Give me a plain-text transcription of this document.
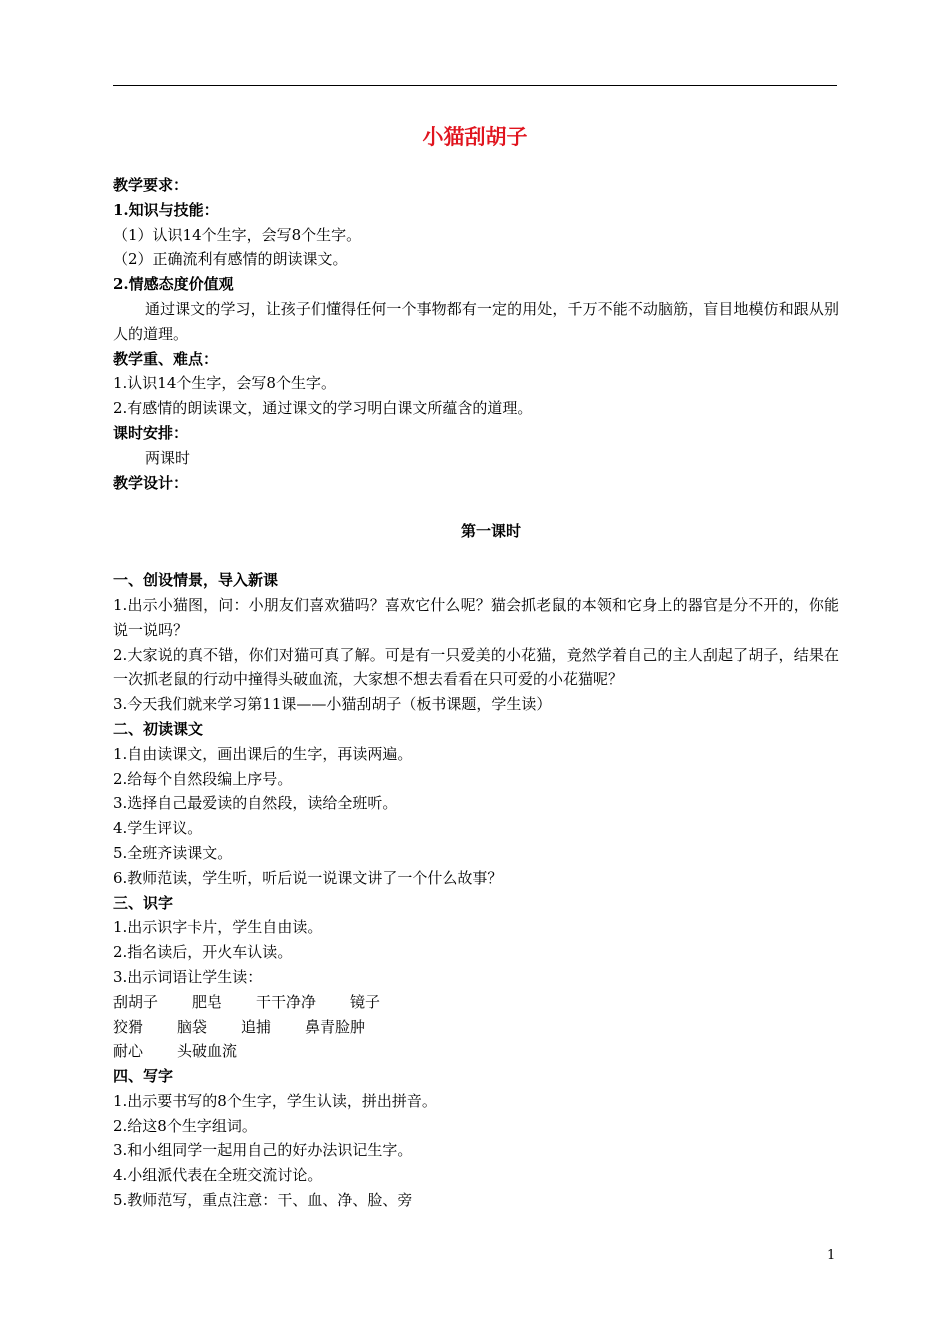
小猫刮胡子
教学要求：
1.知识与技能：
（1）认识14个生字，会写8个生字。
（2）正确流利有感情的朗读课文。
2.情感态度价值观
通过课文的学习，让孩子们懂得任何一个事物都有一定的用处，千万不能不动脑筋，盲目地模仿和跟从别人的道理。
教学重、难点：
1.认识14个生字，会写8个生字。
2.有感情的朗读课文，通过课文的学习明白课文所蕴含的道理。
课时安排：
两课时
教学设计：
第一课时
一、创设情景，导入新课
1.出示小猫图，问：小朋友们喜欢猫吗？喜欢它什么呢？猫会抓老鼠的本领和它身上的器官是分不开的，你能说一说吗？
2.大家说的真不错，你们对猫可真了解。可是有一只爱美的小花猫，竟然学着自己的主人刮起了胡子，结果在一次抓老鼠的行动中撞得头破血流，大家想不想去看看在只可爱的小花猫呢？
3.今天我们就来学习第11课——小猫刮胡子（板书课题，学生读）
二、初读课文
1.自由读课文，画出课后的生字，再读两遍。
2.给每个自然段编上序号。
3.选择自己最爱读的自然段，读给全班听。
4.学生评议。
5.全班齐读课文。
6.教师范读，学生听，听后说一说课文讲了一个什么故事？
三、识字
1.出示识字卡片，学生自由读。
2.指名读后，开火车认读。
3.出示词语让学生读：
刮胡子 肥皂 干干净净 镜子
狡猾 脑袋 追捕 鼻青脸肿
耐心 头破血流
四、写字
1.出示要书写的8个生字，学生认读，拼出拼音。
2.给这8个生字组词。
3.和小组同学一起用自己的好办法识记生字。
4.小组派代表在全班交流讨论。
5.教师范写，重点注意：干、血、净、脸、旁
1
